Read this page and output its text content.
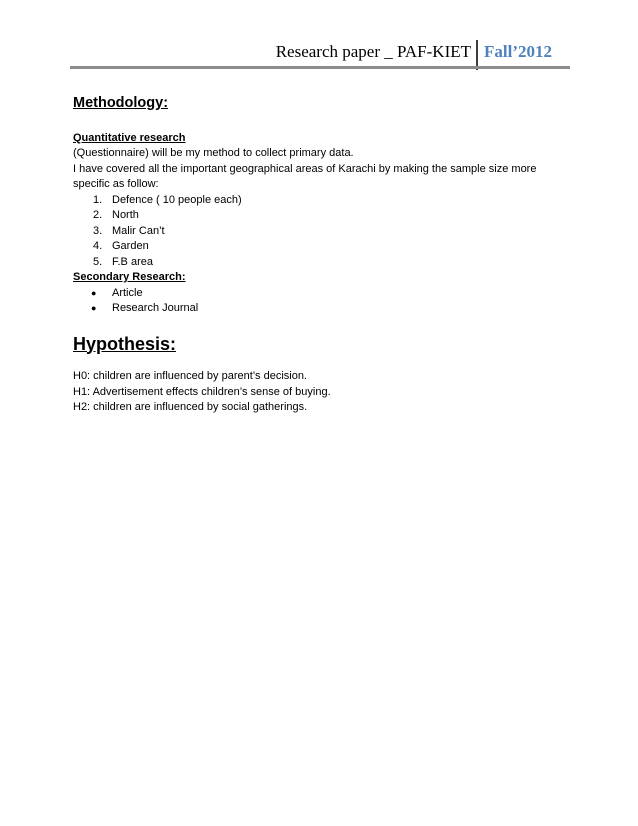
Research paper _ PAF-KIET Fall’2012
Methodology:
Quantitative research

(Questionnaire) will be my method to collect primary data.

I have covered all the important geographical areas of Karachi by making the sample size more

specific as follow:

1. Defence ( 10 people each)
2. North
3. Malir Can’t
4. Garden
5. F.B area
Secondary Research:
● Article
● Research Journal
Hypothesis:

H0: children are influenced by parent’s decision.

H1: Advertisement effects children’s sense of buying.

H2: children are influenced by social gatherings.
